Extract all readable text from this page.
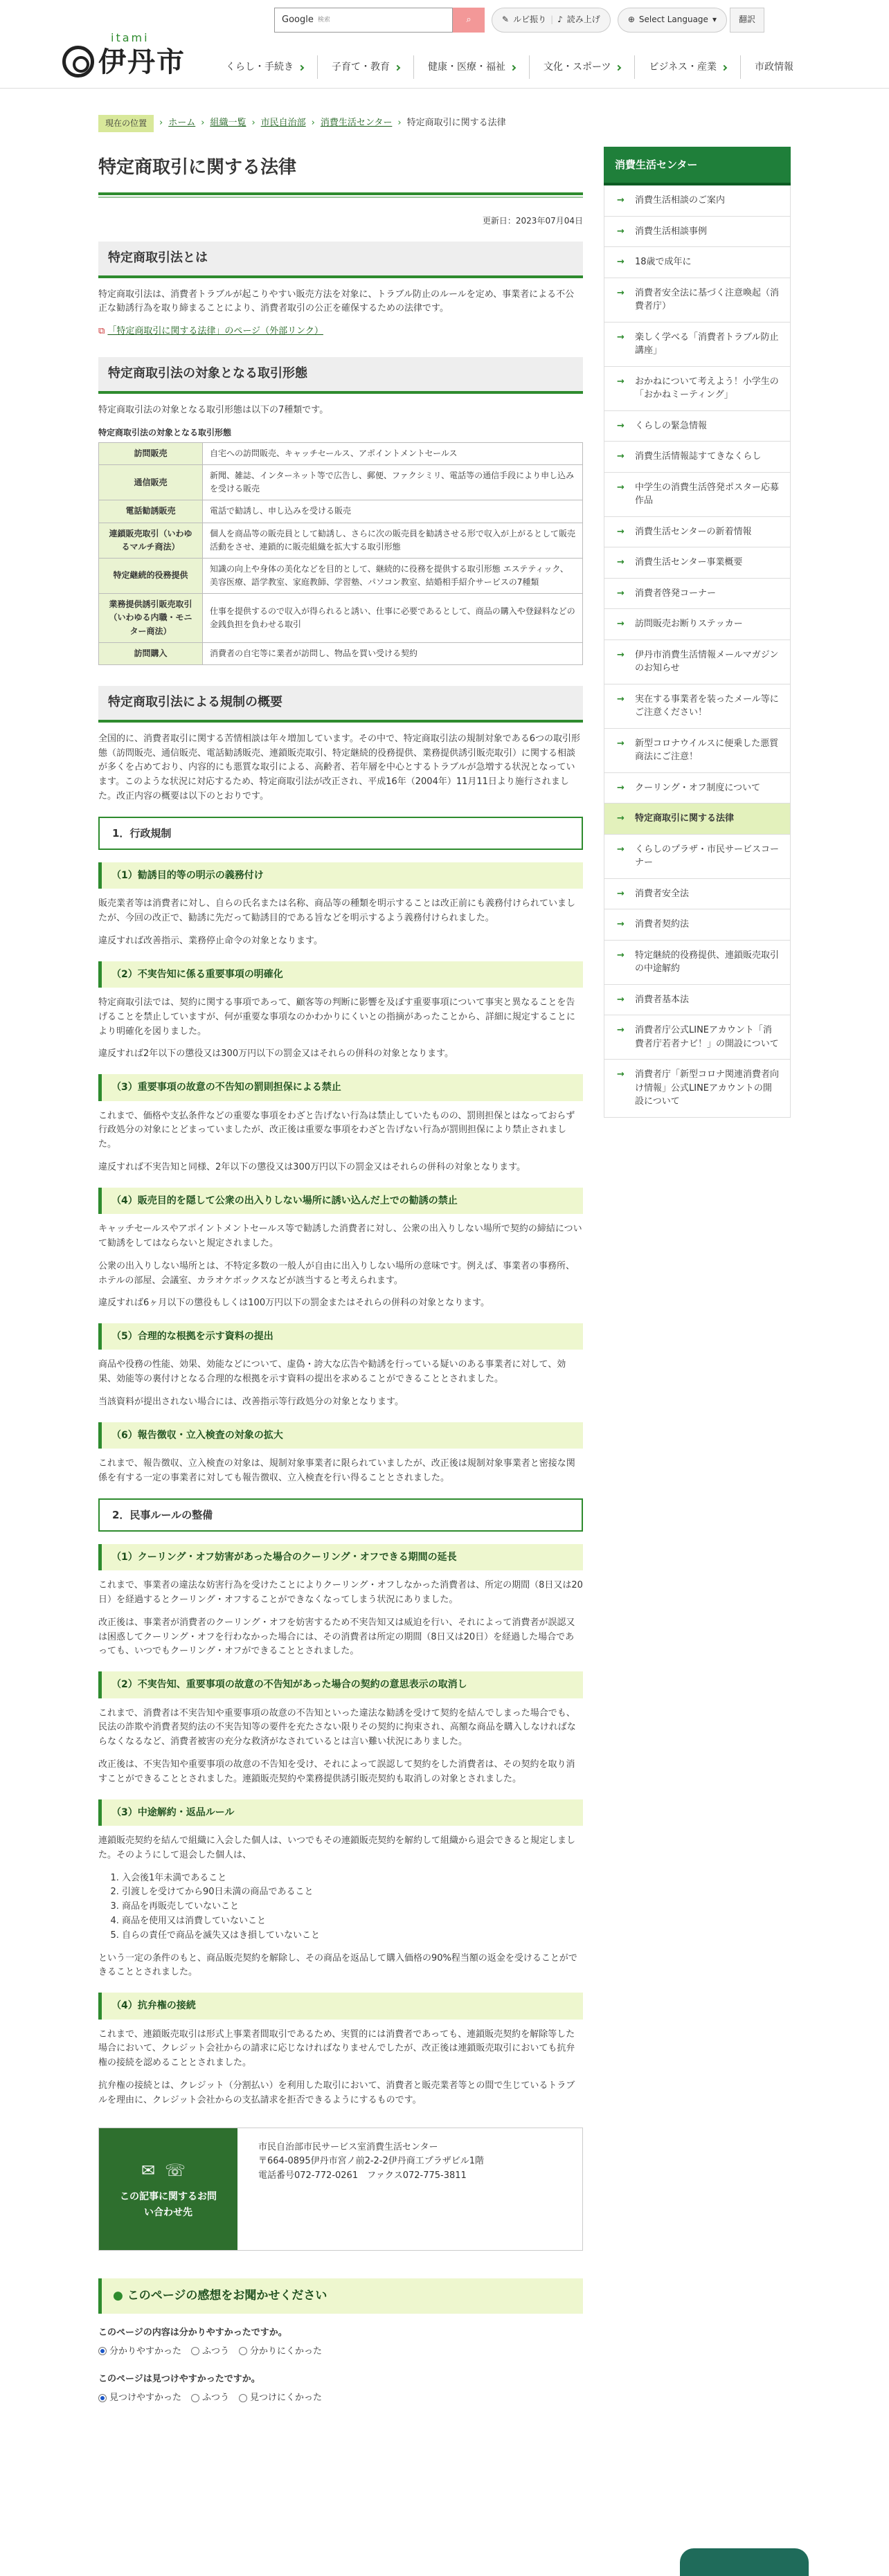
itami
伊丹市
Google 検索	⌕	✎ ルビ振り | ♪ 読み上げ	⊕ Select Language ▾	翻訳
くらし・手続き	子育て・教育	健康・医療・福祉	文化・スポーツ	ビジネス・産業	市政情報
現在の位置	› ホーム › 組織一覧 › 市民自治部 › 消費生活センター › 特定商取引に関する法律
特定商取引に関する法律
更新日：2023年07月04日
特定商取引法とは

特定商取引法は、消費者トラブルが起こりやすい販売方法を対象に、トラブル防止のルールを定め、事業者による不公正な勧誘行為を取り締まることにより、消費者取引の公正を確保するための法律です。

⧉ 「特定商取引に関する法律」のページ（外部リンク）
特定商取引法の対象となる取引形態

特定商取引法の対象となる取引形態は以下の7種類です。

特定商取引法の対象となる取引形態
訪問販売	自宅への訪問販売、キャッチセールス、アポイントメントセールス
通信販売	新聞、雑誌、インターネット等で広告し、郵便、ファクシミリ、電話等の通信手段により申し込みを受ける販売
電話勧誘販売	電話で勧誘し、申し込みを受ける販売
連鎖販売取引（いわゆるマルチ商法）	個人を商品等の販売員として勧誘し、さらに次の販売員を勧誘させる形で収入が上がるとして販売活動をさせ、連鎖的に販売組織を拡大する取引形態
特定継続的役務提供	知識の向上や身体の美化などを目的として、継続的に役務を提供する取引形態 エステティック、美容医療、語学教室、家庭教師、学習塾、パソコン教室、結婚相手紹介サービスの7種類
業務提供誘引販売取引（いわゆる内職・モニター商法）	仕事を提供するので収入が得られると誘い、仕事に必要であるとして、商品の購入や登録料などの金銭負担を負わせる取引
訪問購入	消費者の自宅等に業者が訪問し、物品を買い受ける契約
特定商取引法による規制の概要

全国的に、消費者取引に関する苦情相談は年々増加しています。その中で、特定商取引法の規制対象である6つの取引形態（訪問販売、通信販売、電話勧誘販売、連鎖販売取引、特定継続的役務提供、業務提供誘引販売取引）に関する相談が多くを占めており、内容的にも悪質な取引による、高齢者、若年層を中心とするトラブルが急増する状況となっています。このような状況に対応するため、特定商取引法が改正され、平成16年（2004年）11月11日より施行されました。改正内容の概要は以下のとおりです。

1．行政規制
（1）勧誘目的等の明示の義務付け

販売業者等は消費者に対し、自らの氏名または名称、商品等の種類を明示することは改正前にも義務付けられていましたが、今回の改正で、勧誘に先だって勧誘目的である旨などを明示するよう義務付けられました。

違反すれば改善指示、業務停止命令の対象となります。

（2）不実告知に係る重要事項の明確化

特定商取引法では、契約に関する事項であって、顧客等の判断に影響を及ぼす重要事項について事実と異なることを告げることを禁止していますが、何が重要な事項なのかわかりにくいとの指摘があったことから、詳細に規定することにより明確化を図りました。

違反すれば2年以下の懲役又は300万円以下の罰金又はそれらの併科の対象となります。

（3）重要事項の故意の不告知の罰則担保による禁止

これまで、価格や支払条件などの重要な事項をわざと告げない行為は禁止していたものの、罰則担保とはなっておらず行政処分の対象にとどまっていましたが、改正後は重要な事項をわざと告げない行為が罰則担保により禁止されました。

違反すれば不実告知と同様、2年以下の懲役又は300万円以下の罰金又はそれらの併科の対象となります。

（4）販売目的を隠して公衆の出入りしない場所に誘い込んだ上での勧誘の禁止

キャッチセールスやアポイントメントセールス等で勧誘した消費者に対し、公衆の出入りしない場所で契約の締結について勧誘をしてはならないと規定されました。

公衆の出入りしない場所とは、不特定多数の一般人が自由に出入りしない場所の意味です。例えば、事業者の事務所、ホテルの部屋、会議室、カラオケボックスなどが該当すると考えられます。

違反すれば6ヶ月以下の懲役もしくは100万円以下の罰金またはそれらの併科の対象となります。

（5）合理的な根拠を示す資料の提出

商品や役務の性能、効果、効能などについて、虚偽・誇大な広告や勧誘を行っている疑いのある事業者に対して、効果、効能等の裏付けとなる合理的な根拠を示す資料の提出を求めることができることとされました。

当該資料が提出されない場合には、改善指示等行政処分の対象となります。

（6）報告徴収・立入検査の対象の拡大

これまで、報告徴収、立入検査の対象は、規制対象事業者に限られていましたが、改正後は規制対象事業者と密接な関係を有する一定の事業者に対しても報告徴収、立入検査を行い得ることとされました。

2．民事ルールの整備
（1）クーリング・オフ妨害があった場合のクーリング・オフできる期間の延長

これまで、事業者の違法な妨害行為を受けたことによりクーリング・オフしなかった消費者は、所定の期間（8日又は20日）を経過するとクーリング・オフすることができなくなってしまう状況にありました。

改正後は、事業者が消費者のクーリング・オフを妨害するため不実告知又は威迫を行い、それによって消費者が誤認又は困惑してクーリング・オフを行わなかった場合には、その消費者は所定の期間（8日又は20日）を経過した場合であっても、いつでもクーリング・オフができることとされました。

（2）不実告知、重要事項の故意の不告知があった場合の契約の意思表示の取消し

これまで、消費者は不実告知や重要事項の故意の不告知といった違法な勧誘を受けて契約を結んでしまった場合でも、民法の詐欺や消費者契約法の不実告知等の要件を充たさない限りその契約に拘束され、高額な商品を購入しなければならなくなるなど、消費者被害の充分な救済がなされているとは言い難い状況にありました。

改正後は、不実告知や重要事項の故意の不告知を受け、それによって誤認して契約をした消費者は、その契約を取り消すことができることとされました。連鎖販売契約や業務提供誘引販売契約も取消しの対象とされました。

（3）中途解約・返品ルール

連鎖販売契約を結んで組織に入会した個人は、いつでもその連鎖販売契約を解約して組織から退会できると規定しました。そのようにして退会した個人は、

1. 入会後1年未満であること
2. 引渡しを受けてから90日未満の商品であること
3. 商品を再販売していないこと
4. 商品を使用又は消費していないこと
5. 自らの責任で商品を滅失又はき損していないこと

という一定の条件のもと、商品販売契約を解除し、その商品を返品して購入価格の90%程当額の返金を受けることができることとされました。

（4）抗弁権の接続

これまで、連鎖販売取引は形式上事業者間取引であるため、実質的には消費者であっても、連鎖販売契約を解除等した場合において、クレジット会社からの請求に応じなければなりませんでしたが、改正後は連鎖販売取引においても抗弁権の接続を認めることとされました。

抗弁権の接続とは、クレジット（分割払い）を利用した取引において、消費者と販売業者等との間で生じているトラブルを理由に、クレジット会社からの支払請求を拒否できるようにするものです。

✉☏
この記事に関するお問い合わせ先
市民自治部市民サービス室消費生活センター
〒664-0895伊丹市宮ノ前2-2-2伊丹商工プラザビル1階
電話番号072-772-0261　ファクス072-775-3811
● このページの感想をお聞かせください
このページの内容は分かりやすかったですか。
分かりやすかった	ふつう	分かりにくかった
このページは見つけやすかったですか。
見つけやすかった	ふつう	見つけにくかった
消費生活センター
→ 消費生活相談のご案内
→ 消費生活相談事例
→ 18歳で成年に
→ 消費者安全法に基づく注意喚起（消費者庁）
→ 楽しく学べる「消費者トラブル防止講座」
→ おかねについて考えよう！小学生の「おかねミーティング」
→ くらしの緊急情報
→ 消費生活情報誌すてきなくらし
→ 中学生の消費生活啓発ポスター応募作品
→ 消費生活センターの新着情報
→ 消費生活センター事業概要
→ 消費者啓発コーナー
→ 訪問販売お断りステッカー
→ 伊丹市消費生活情報メールマガジンのお知らせ
→ 実在する事業者を装ったメール等にご注意ください！
→ 新型コロナウイルスに便乗した悪質商法にご注意！
→ クーリング・オフ制度について
→ 特定商取引に関する法律
→ くらしのプラザ・市民サービスコーナー
→ 消費者安全法
→ 消費者契約法
→ 特定継続的役務提供、連鎖販売取引の中途解約
→ 消費者基本法
→ 消費者庁公式LINEアカウント「消費者庁若者ナビ！」の開設について
→ 消費者庁「新型コロナ関連消費者向け情報」公式LINEアカウントの開設について
